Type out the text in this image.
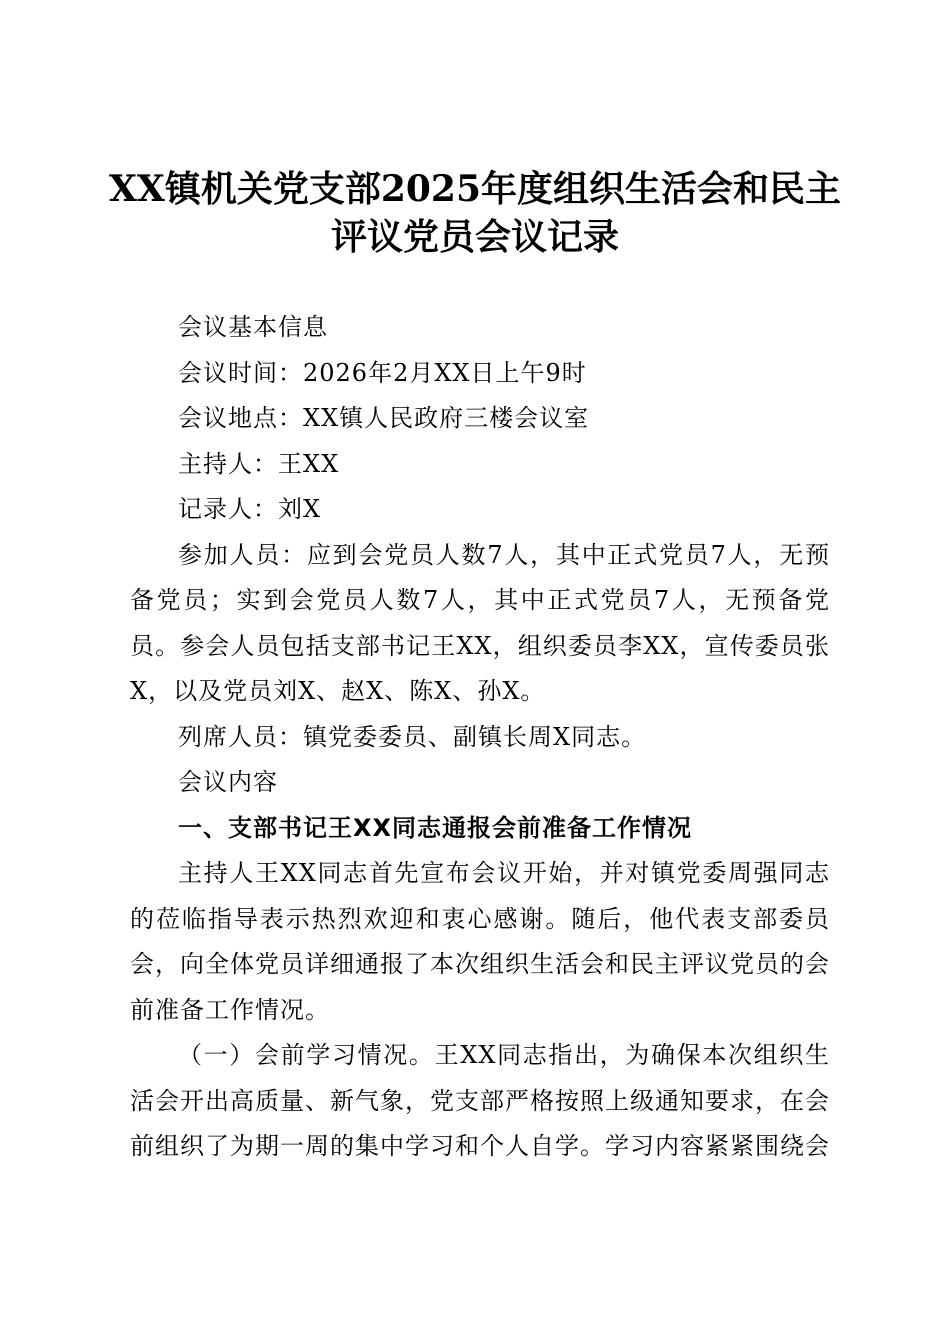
XX镇机关党支部2025年度组织生活会和民主
评议党员会议记录

会议基本信息

会议时间：2026年2月XX日上午9时

会议地点：XX镇人民政府三楼会议室

主持人：王XX

记录人：刘X

参加人员：应到会党员人数7人，其中正式党员7人，无预备党员；实到会党员人数7人，其中正式党员7人，无预备党员。参会人员包括支部书记王XX，组织委员李XX，宣传委员张X，以及党员刘X、赵X、陈X、孙X。

列席人员：镇党委委员、副镇长周X同志。

会议内容

一、支部书记王XX同志通报会前准备工作情况

主持人王XX同志首先宣布会议开始，并对镇党委周强同志的莅临指导表示热烈欢迎和衷心感谢。随后，他代表支部委员会，向全体党员详细通报了本次组织生活会和民主评议党员的会前准备工作情况。

（一）会前学习情况。王XX同志指出，为确保本次组织生活会开出高质量、新气象，党支部严格按照上级通知要求，在会前组织了为期一周的集中学习和个人自学。学习内容紧紧围绕会
